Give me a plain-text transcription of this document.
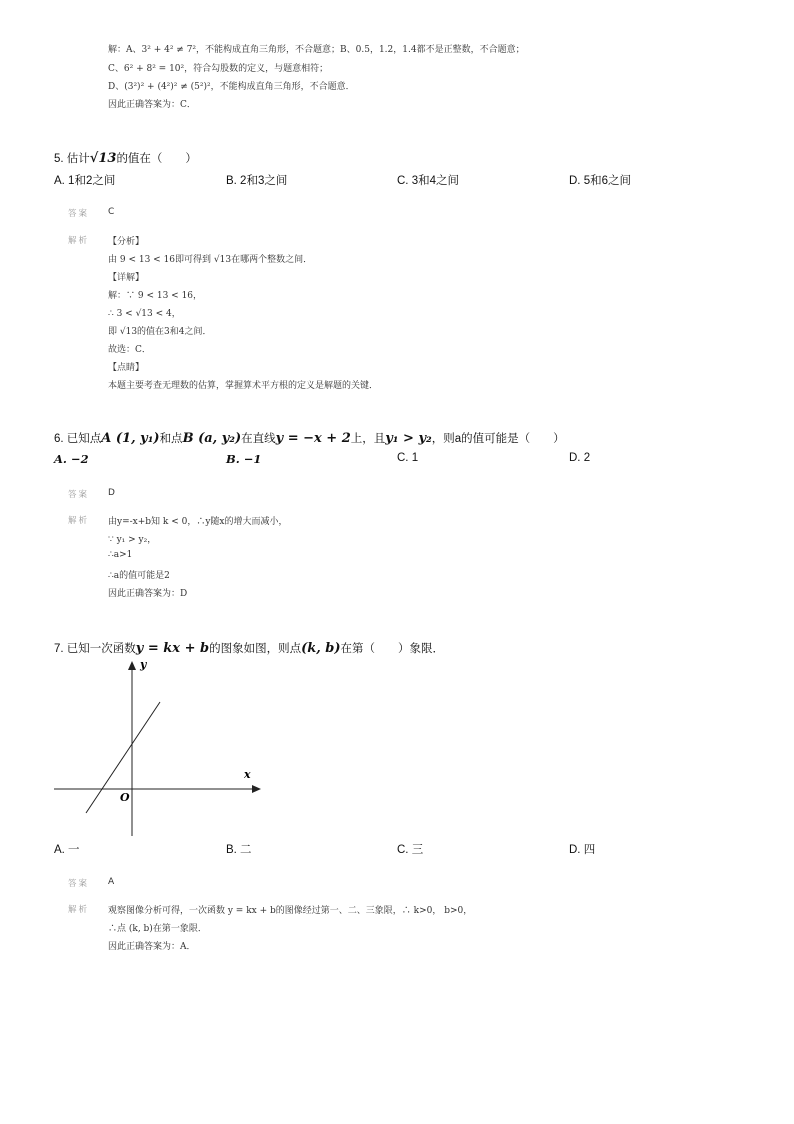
解：A、3² + 4² ≠ 7²，不能构成直角三角形，不合题意；B、0.5，1.2，1.4都不是正整数，不合题意；
C、6² + 8² = 10²，符合勾股数的定义，与题意相符；
D、(3²)² + (4²)² ≠ (5²)²，不能构成直角三角形，不合题意．
因此正确答案为：C．
5. 估计√13的值在（　　）
A. 1和2之间	B. 2和3之间	C. 3和4之间	D. 5和6之间
答案 C
解析 【分析】
由 9 < 13 < 16即可得到 √13在哪两个整数之间．
【详解】
解：∵ 9 < 13 < 16，
∴ 3 < √13 < 4，
即 √13的值在3和4之间．
故选：C．
【点睛】
本题主要考查无理数的估算，掌握算术平方根的定义是解题的关键．
6. 已知点A (1, y₁)和点B (a, y₂)在直线y = −x + 2上，且y₁ > y₂，则a的值可能是（　　）
A. −2	B. −1	C. 1	D. 2
答案 D
解析 由y=-x+b知 k < 0，∴y随x的增大而减小，
∵ y₁ > y₂，
∴a>1
∴a的值可能是2
因此正确答案为：D
7. 已知一次函数y = kx + b的图象如图，则点(k, b)在第（　　）象限．
y
x
O
A. 一	B. 二	C. 三	D. 四
答案 A
解析 观察图像分析可得，一次函数 y = kx + b的图像经过第一、二、三象限，∴ k>0， b>0，
∴点 (k, b)在第一象限．
因此正确答案为：A．
